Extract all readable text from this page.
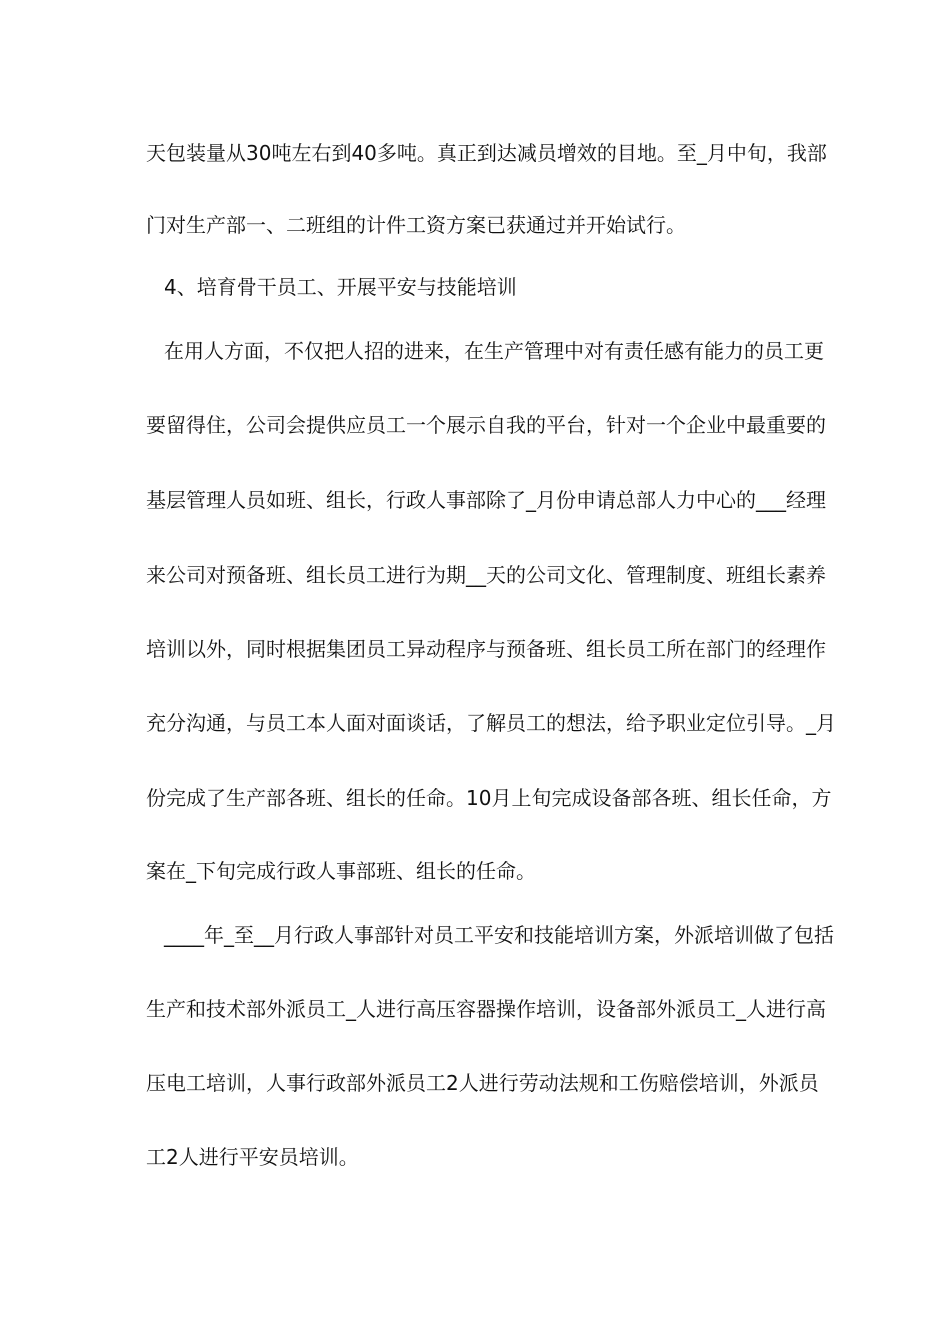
天包装量从30吨左右到40多吨。真正到达减员增效的目地。至_月中旬，我部
门对生产部一、二班组的计件工资方案已获通过并开始试行。
4、培育骨干员工、开展平安与技能培训
在用人方面，不仅把人招的进来，在生产管理中对有责任感有能力的员工更
要留得住，公司会提供应员工一个展示自我的平台，针对一个企业中最重要的
基层管理人员如班、组长，行政人事部除了_月份申请总部人力中心的___经理
来公司对预备班、组长员工进行为期__天的公司文化、管理制度、班组长素养
培训以外，同时根据集团员工异动程序与预备班、组长员工所在部门的经理作
充分沟通，与员工本人面对面谈话，了解员工的想法，给予职业定位引导。_月
份完成了生产部各班、组长的任命。10月上旬完成设备部各班、组长任命，方
案在_下旬完成行政人事部班、组长的任命。
____年_至__月行政人事部针对员工平安和技能培训方案，外派培训做了包括
生产和技术部外派员工_人进行高压容器操作培训，设备部外派员工_人进行高
压电工培训，人事行政部外派员工2人进行劳动法规和工伤赔偿培训，外派员
工2人进行平安员培训。
